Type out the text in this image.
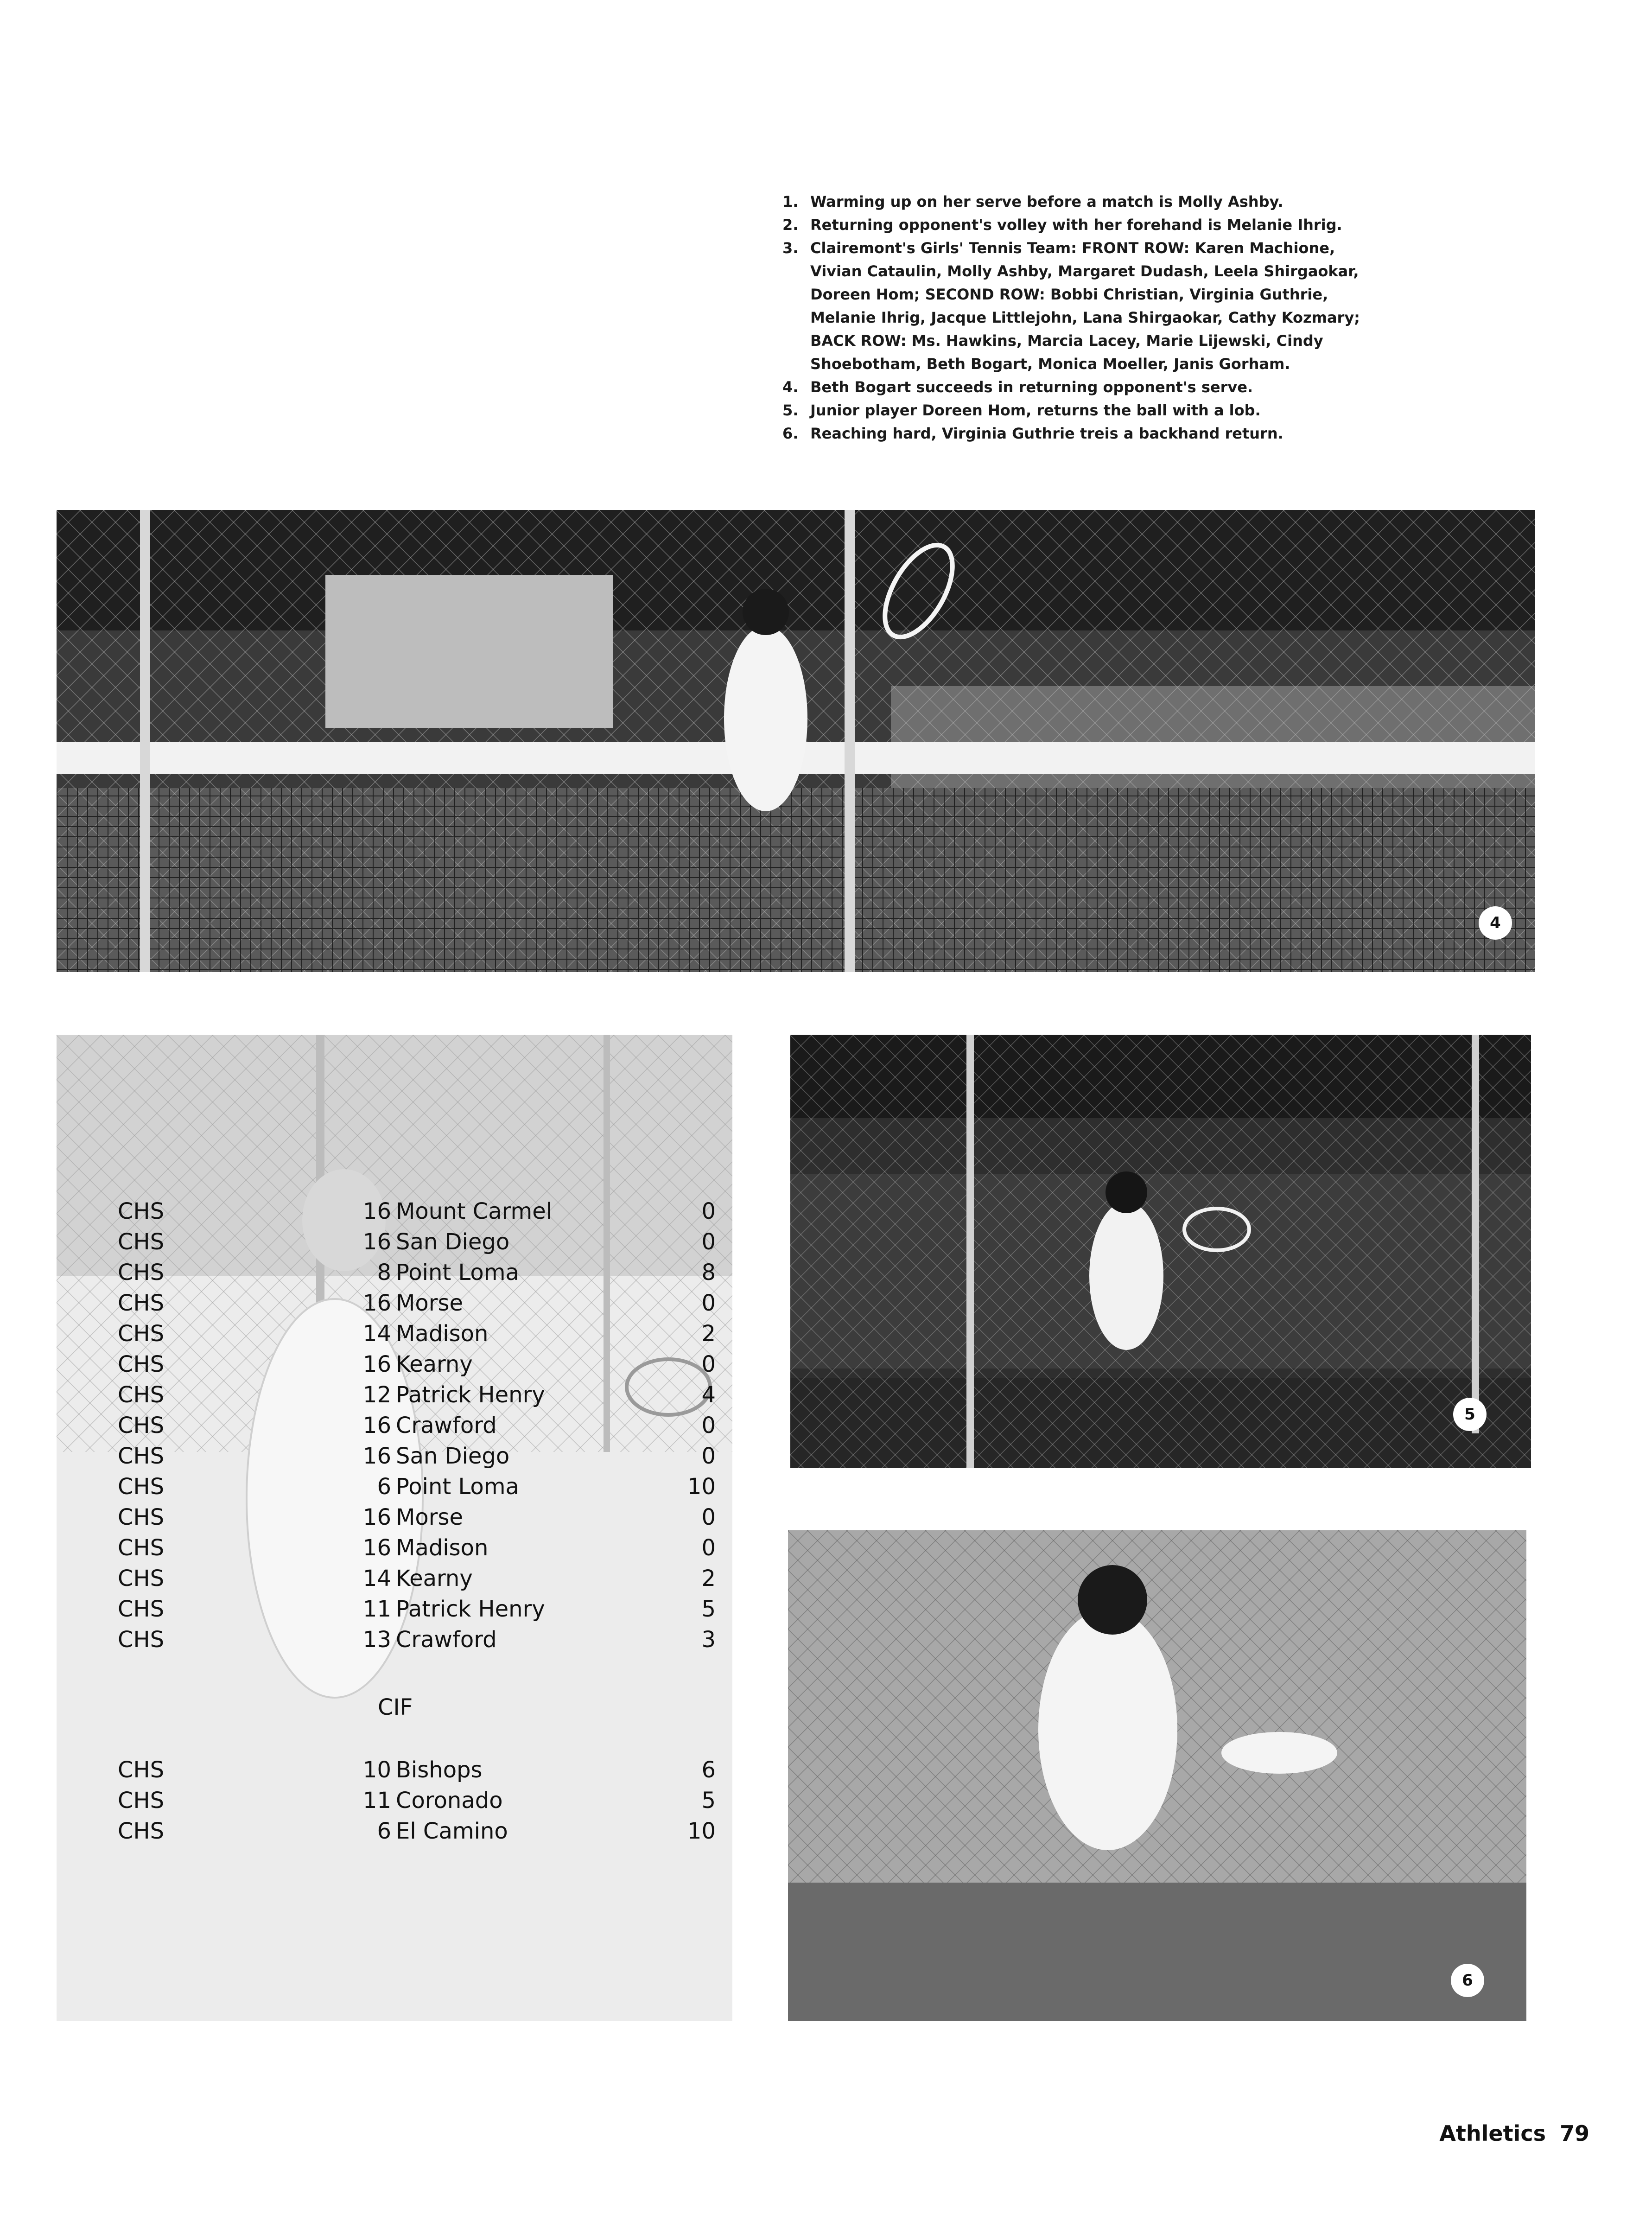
1. Warming up on her serve before a match is Molly Ashby.
2. Returning opponent's volley with her forehand is Melanie Ihrig.
3. Clairemont's Girls' Tennis Team: FRONT ROW: Karen Machione, Vivian Cataulin, Molly Ashby, Margaret Dudash, Leela Shirgaokar, Doreen Hom; SECOND ROW: Bobbi Christian, Virginia Guthrie, Melanie Ihrig, Jacque Littlejohn, Lana Shirgaokar, Cathy Kozmary; BACK ROW: Ms. Hawkins, Marcia Lacey, Marie Lijewski, Cindy Shoebotham, Beth Bogart, Monica Moeller, Janis Gorham.
4. Beth Bogart succeeds in returning opponent's serve.
5. Junior player Doreen Hom, returns the ball with a lob.
6. Reaching hard, Virginia Guthrie treis a backhand return.
4
CHS	16 Mount Carmel	0
CHS	16 San Diego	0
CHS	8 Point Loma	8
CHS	16 Morse	0
CHS	14 Madison	2
CHS	16 Kearny	0
CHS	12 Patrick Henry	4
CHS	16 Crawford	0
CHS	16 San Diego	0
CHS	6 Point Loma	10
CHS	16 Morse	0
CHS	16 Madison	0
CHS	14 Kearny	2
CHS	11 Patrick Henry	5
CHS	13 Crawford	3
CHS	10 Bishops	6
CHS	11 Coronado	5
CHS	6 El Camino	10
CIF
5
6
Athletics 79
